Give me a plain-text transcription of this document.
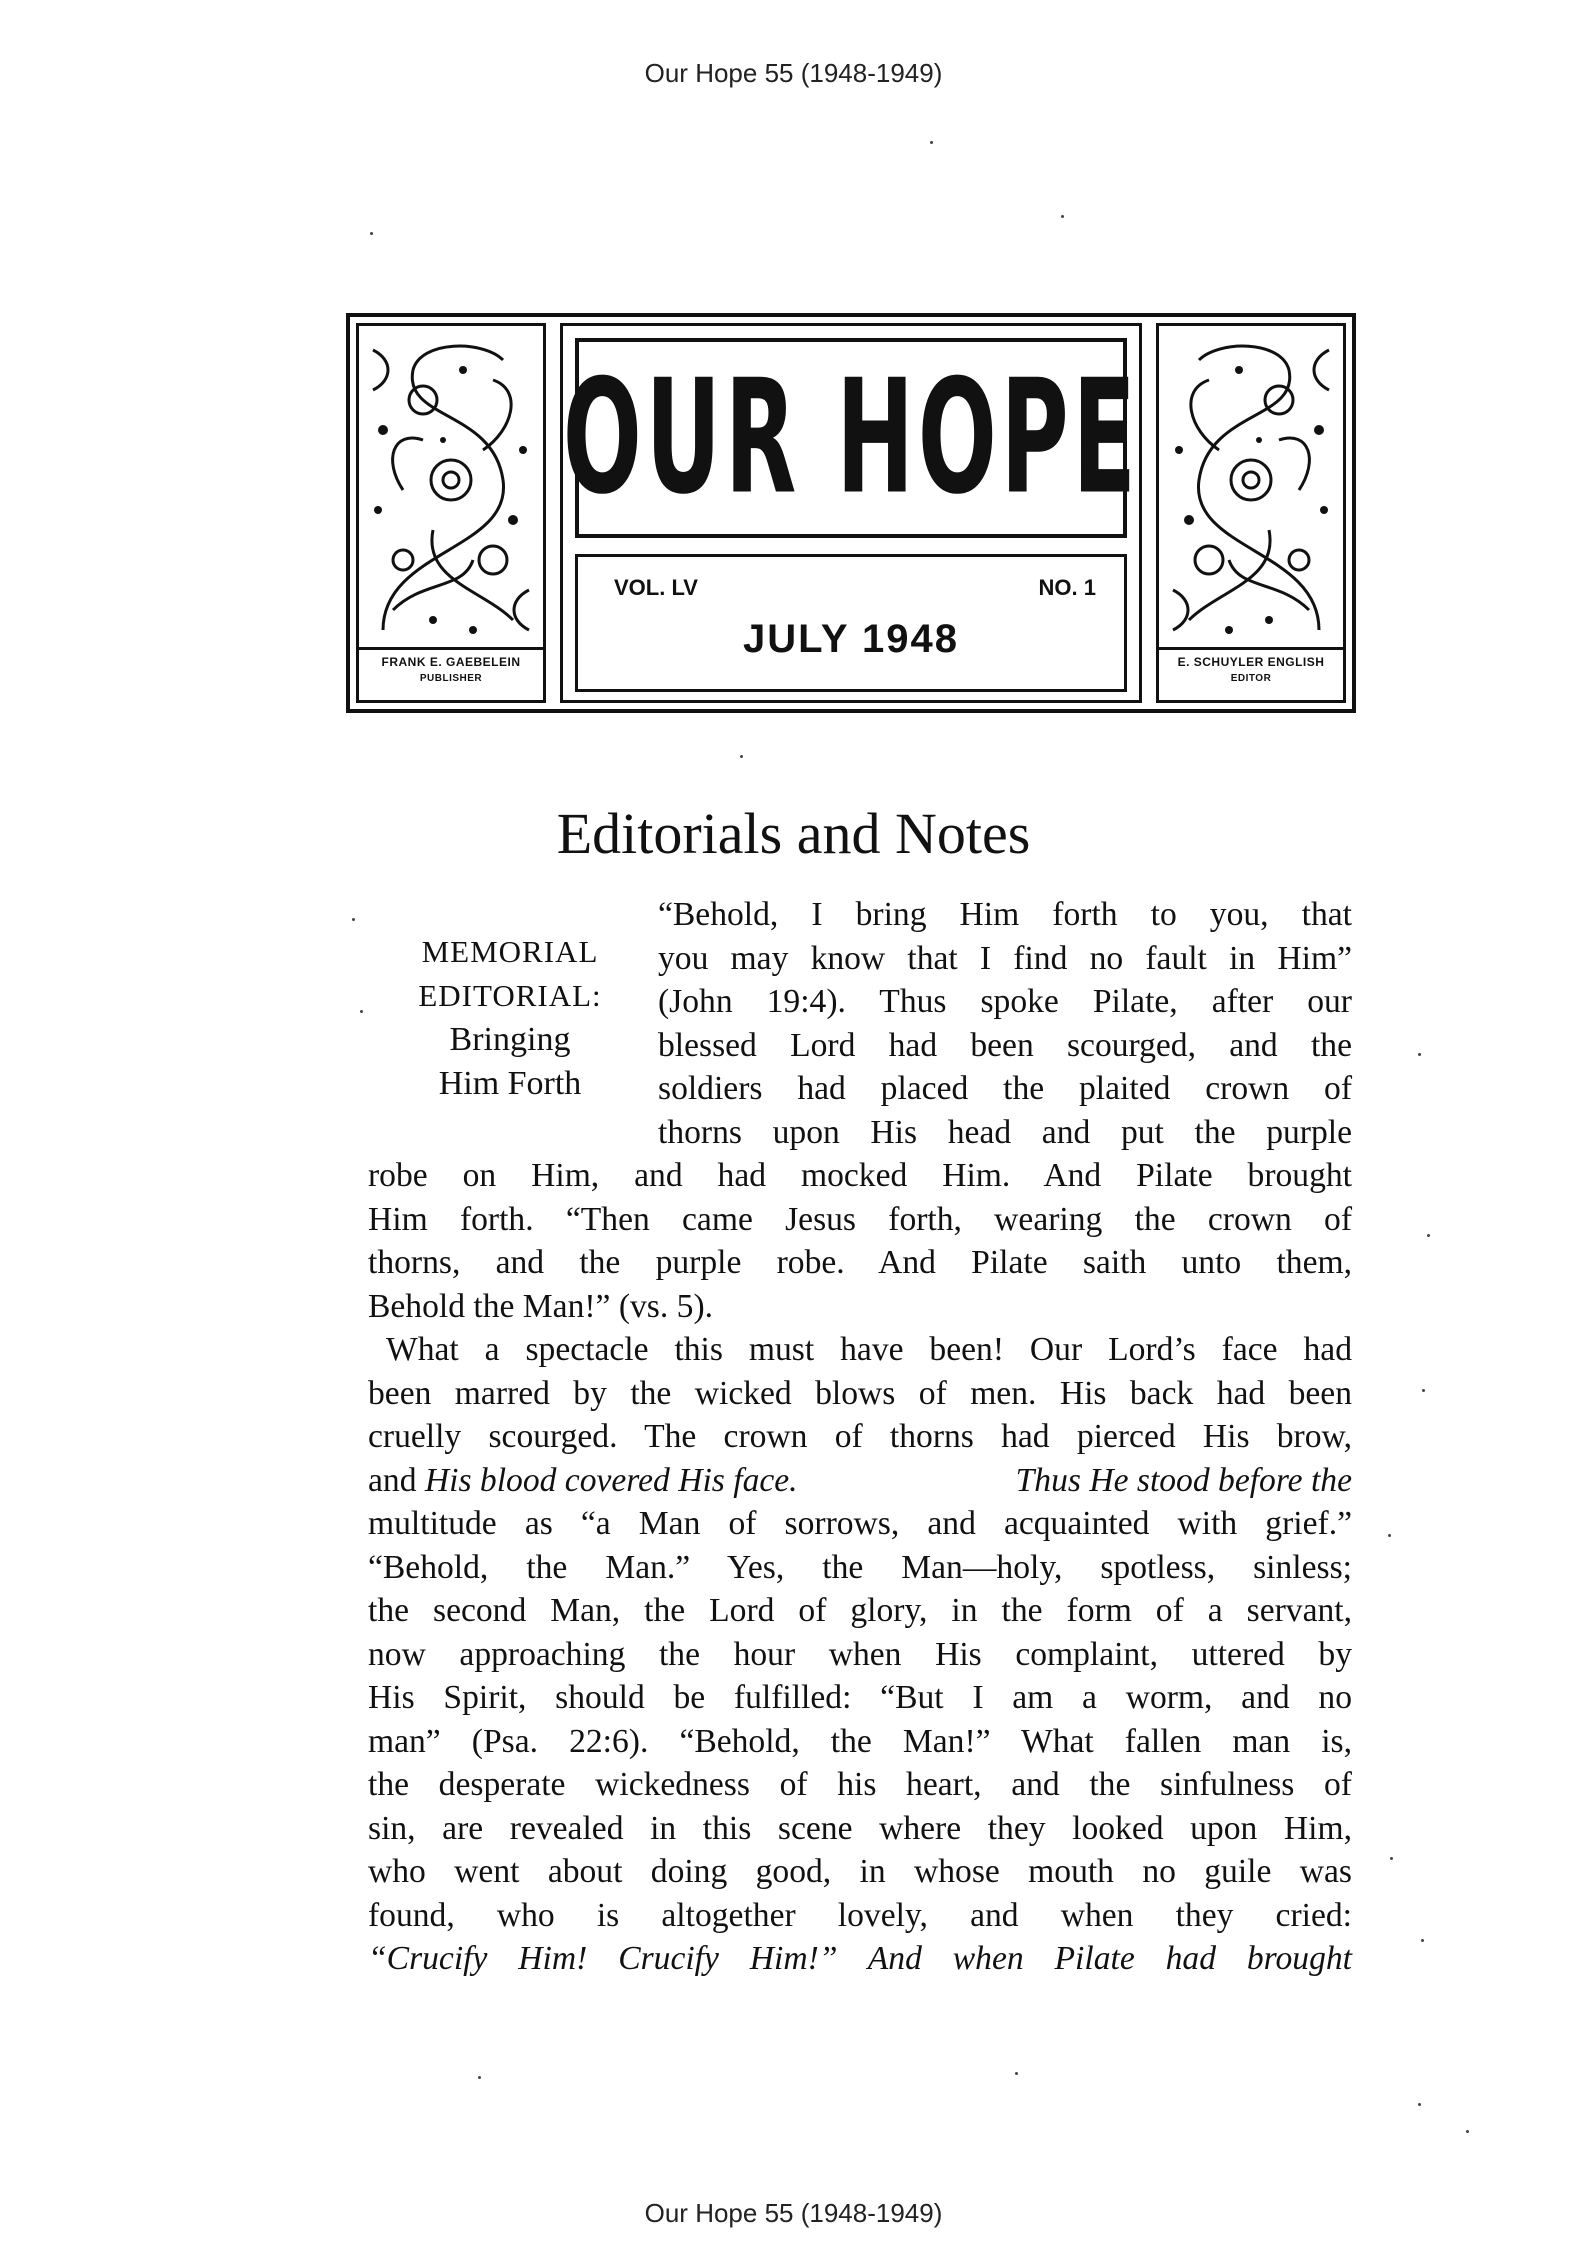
Our Hope 55 (1948-1949)
FRANK E. GAEBELEIN
PUBLISHER
OUR HOPE
VOL. LV	NO. 1
JULY 1948
E. SCHUYLER ENGLISH
EDITOR
Editorials and Notes
MEMORIAL
EDITORIAL:
Bringing
Him Forth
“Behold, I bring Him forth to you, that
you may know that I find no fault in Him”
(John 19:4). Thus spoke Pilate, after our
blessed Lord had been scourged, and the
soldiers had placed the plaited crown of
thorns upon His head and put the purple
robe on Him, and had mocked Him. And Pilate brought
Him forth. “Then came Jesus forth, wearing the crown of
thorns, and the purple robe. And Pilate saith unto them,
Behold the Man!” (vs. 5).
What a spectacle this must have been! Our Lord’s face had
been marred by the wicked blows of men. His back had been
cruelly scourged. The crown of thorns had pierced His brow,
and His blood covered His face.	Thus He stood before the
multitude as “a Man of sorrows, and acquainted with grief.”
“Behold, the Man.” Yes, the Man—holy, spotless, sinless;
the second Man, the Lord of glory, in the form of a servant,
now approaching the hour when His complaint, uttered by
His Spirit, should be fulfilled: “But I am a worm, and no
man” (Psa. 22:6). “Behold, the Man!” What fallen man is,
the desperate wickedness of his heart, and the sinfulness of
sin, are revealed in this scene where they looked upon Him,
who went about doing good, in whose mouth no guile was
found, who is altogether lovely, and when they cried:
“Crucify Him! Crucify Him!” And when Pilate had brought
Our Hope 55 (1948-1949)
